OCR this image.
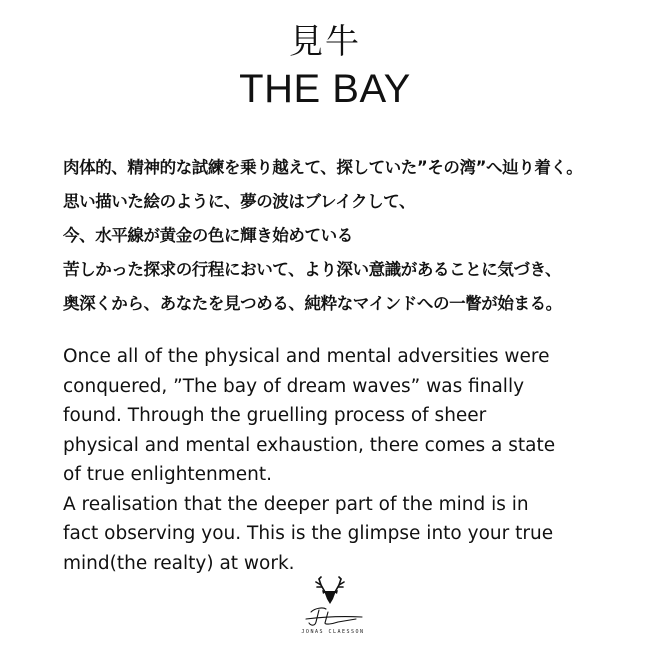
見牛
THE BAY
肉体的、精神的な試練を乗り越えて、探していた”その湾”へ辿り着く。
思い描いた絵のように、夢の波はブレイクして、
今、水平線が黄金の色に輝き始めている
苦しかった探求の行程において、より深い意識があることに気づき、
奥深くから、あなたを見つめる、純粋なマインドへの一瞥が始まる。
Once all of the physical and mental adversities were
conquered, ”The bay of dream waves” was finally
found. Through the gruelling process of sheer
physical and mental exhaustion, there comes a state
of true enlightenment.
A realisation that the deeper part of the mind is in
fact observing you. This is the glimpse into your true
mind(the realty) at work.
JONAS CLAESSON
